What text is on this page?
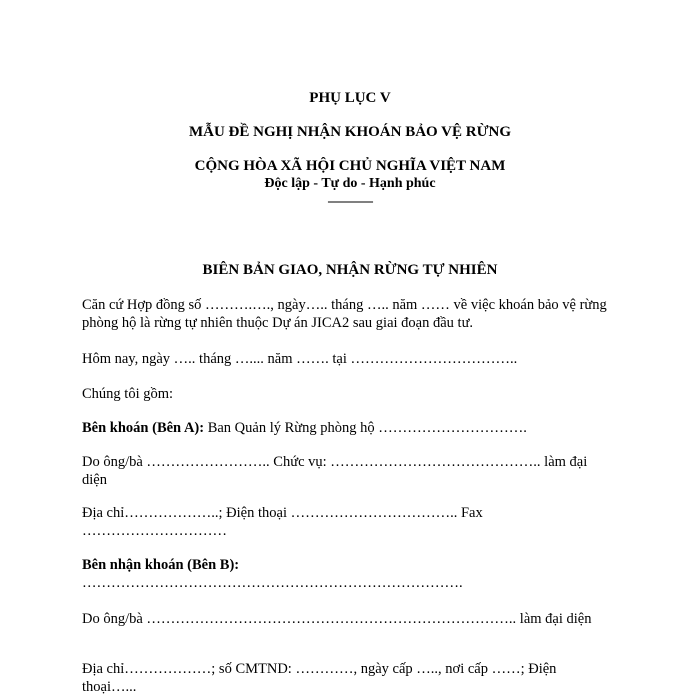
PHỤ LỤC V
MẪU ĐỀ NGHỊ NHẬN KHOÁN BẢO VỆ RỪNG
CỘNG HÒA XÃ HỘI CHỦ NGHĨA VIỆT NAM
Độc lập - Tự do - Hạnh phúc
---------------
BIÊN BẢN GIAO, NHẬN RỪNG TỰ NHIÊN
Căn cứ Hợp đồng số ……….…., ngày….. tháng ….. năm …… về việc khoán bảo vệ rừng phòng hộ là rừng tự nhiên thuộc Dự án JICA2 sau giai đoạn đầu tư.
Hôm nay, ngày ….. tháng ….... năm ……. tại ……………………………..
Chúng tôi gồm:
Bên khoán (Bên A): Ban Quản lý Rừng phòng hộ ………………………….
Do ông/bà …………………….. Chức vụ: …………………………………….. làm đại diện
Địa chỉ………………..; Điện thoại …………………………….. Fax …………………………
Bên nhận khoán (Bên B):
…………………………………………………………………….
Do ông/bà ………………………………………………………………….. làm đại diện
Địa chỉ………………; số CMTND: …………, ngày cấp ….., nơi cấp ……; Điện thoại…...
